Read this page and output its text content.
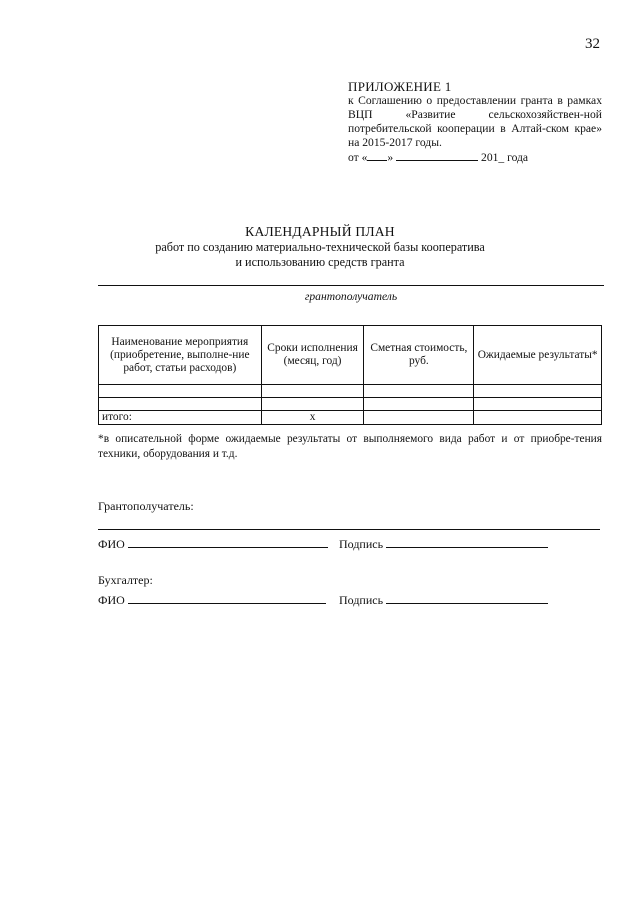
32
ПРИЛОЖЕНИЕ 1
к Соглашению о предоставлении гранта в рамках ВЦП «Развитие сельскохозяйствен-ной потребительской кооперации в Алтай-ском крае» на 2015-2017 годы.
от « »	201_ года
КАЛЕНДАРНЫЙ ПЛАН
работ по созданию материально-технической базы кооператива
и использованию средств гранта
грантополучатель
Наименование мероприятия (приобретение, выполне-ние работ, статьи расходов)	Сроки исполнения (месяц, год)	Сметная стоимость, руб.	Ожидаемые результаты*

итого:	x		
*в описательной форме ожидаемые результаты от выполняемого вида работ и от приобре-тения техники, оборудования и т.д.
Грантополучатель:
ФИО	Подпись
Бухгалтер:
ФИО	Подпись
